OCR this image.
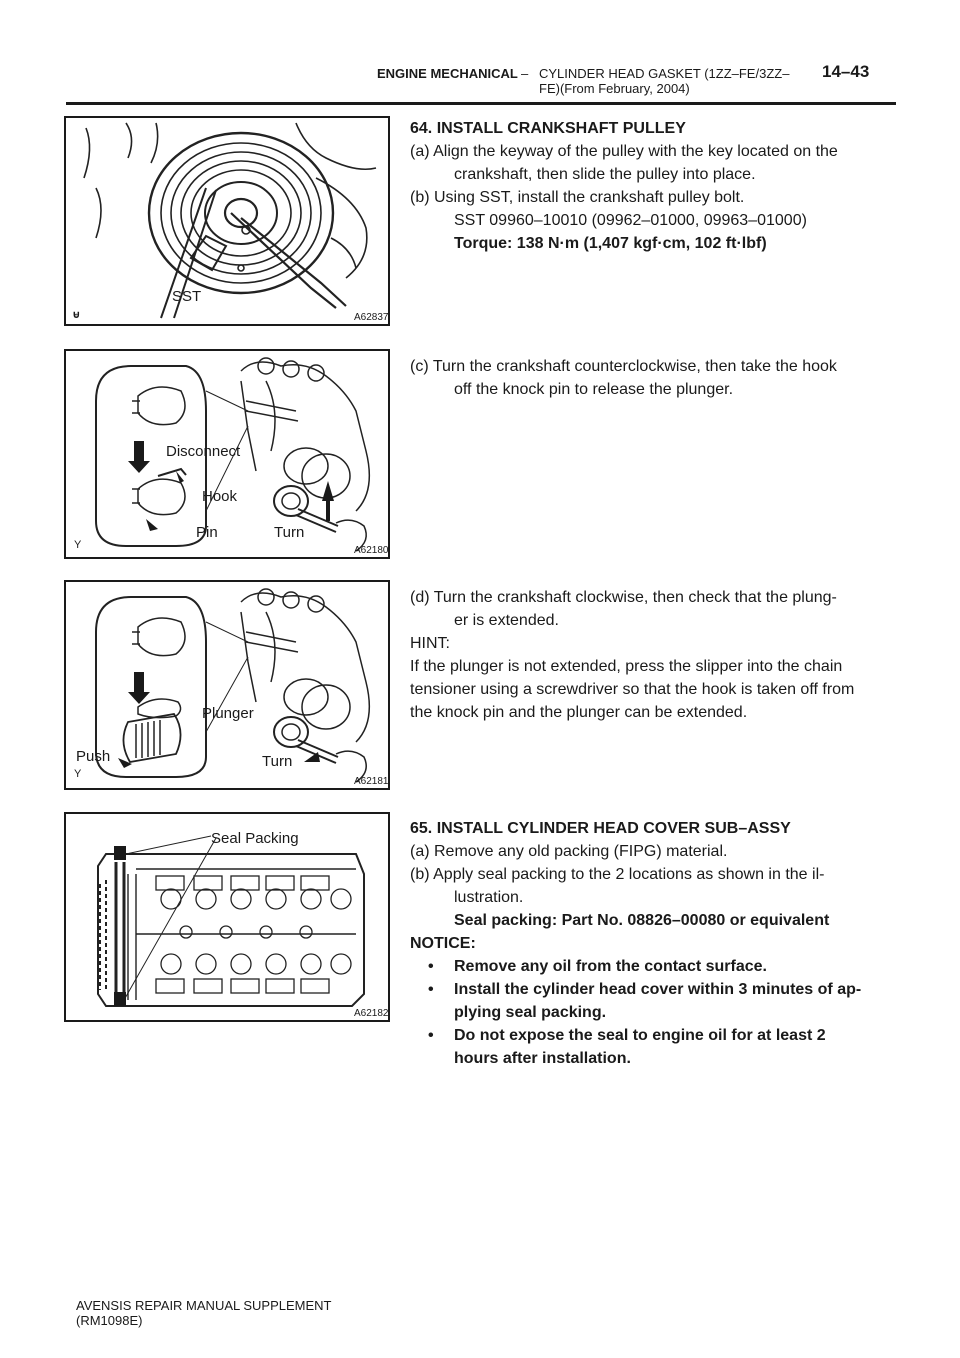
ENGINE MECHANICAL – CYLINDER HEAD GASKET (1ZZ–FE/3ZZ–FE)(From February, 2004)
14–43
SST
⊌	A62837
Disconnect
Hook
Pin	Turn
Y	A62180
Plunger
Push	Turn
Y
A62181
Seal Packing
A62182
64. INSTALL CRANKSHAFT PULLEY
(a) Align the keyway of the pulley with the key located on the
crankshaft, then slide the pulley into place.
(b) Using SST, install the crankshaft pulley bolt.
SST 09960–10010 (09962–01000, 09963–01000)
Torque: 138 N·m (1,407 kgf·cm, 102 ft·lbf)
(c) Turn the crankshaft counterclockwise, then take the hook
off the knock pin to release the plunger.
(d) Turn the crankshaft clockwise, then check that the plung-
er is extended.
HINT:
If the plunger is not extended, press the slipper into the chain
tensioner using a screwdriver so that the hook is taken off from
the knock pin and the plunger can be extended.
65. INSTALL CYLINDER HEAD COVER SUB–ASSY
(a) Remove any old packing (FIPG) material.
(b) Apply seal packing to the 2 locations as shown in the il-
lustration.
Seal packing: Part No. 08826–00080 or equivalent
NOTICE:
• Remove any oil from the contact surface.
• Install the cylinder head cover within 3 minutes of ap-
plying seal packing.
• Do not expose the seal to engine oil for at least 2
hours after installation.
AVENSIS REPAIR MANUAL SUPPLEMENT
(RM1098E)
